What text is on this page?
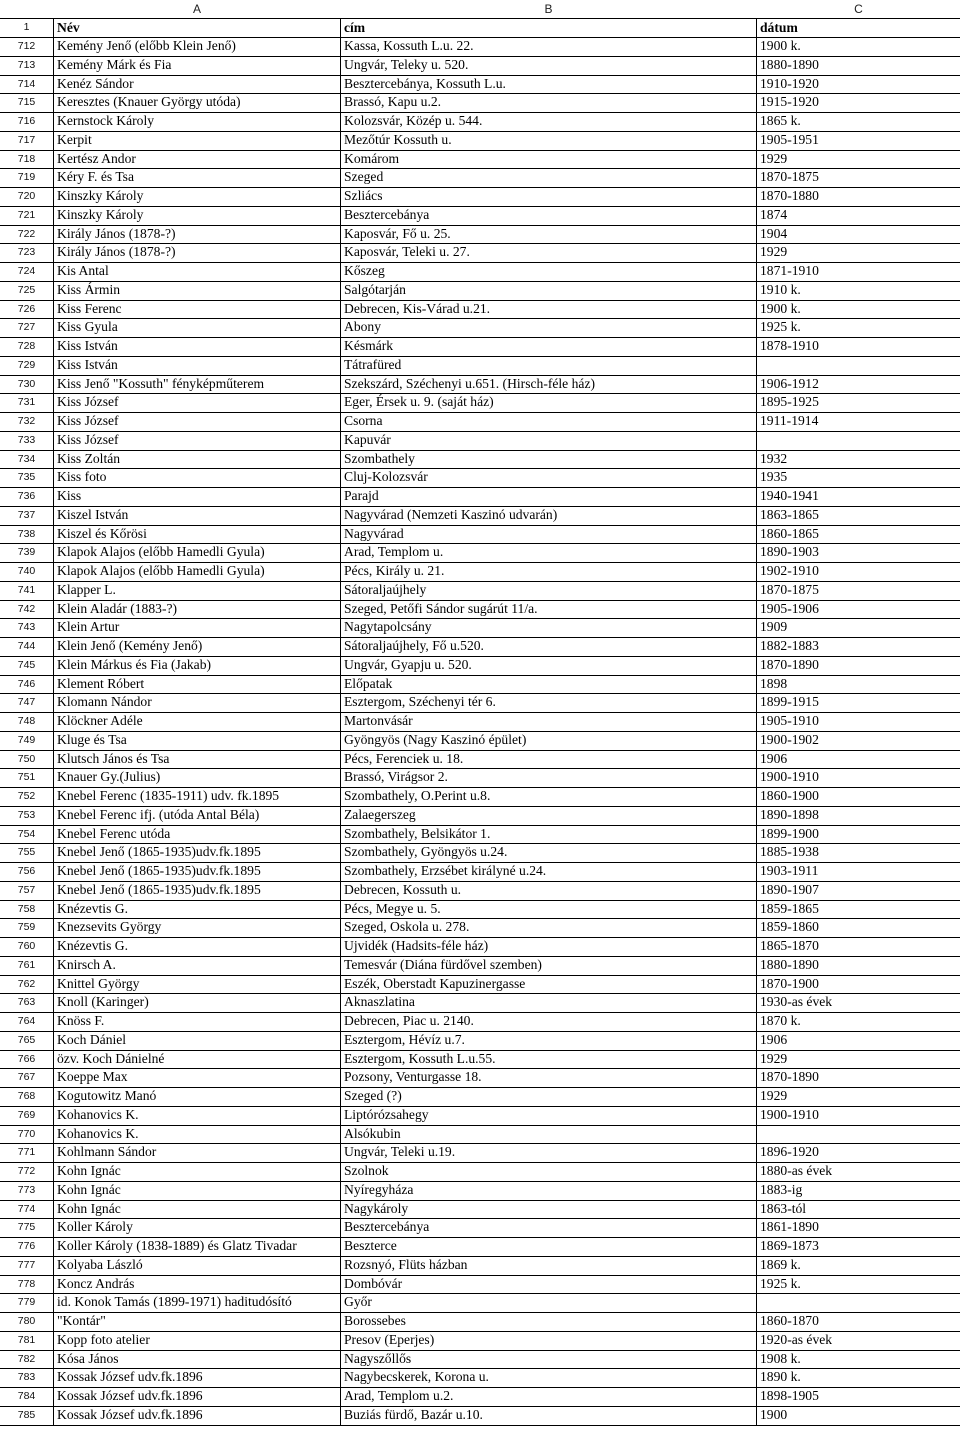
A	B	C
1	Név	cím	dátum
712	Kemény Jenő (előbb Klein Jenő)	Kassa, Kossuth L.u. 22.	1900 k.
713	Kemény Márk és Fia	Ungvár, Teleky u. 520.	1880-1890
714	Kenéz Sándor	Besztercebánya, Kossuth L.u.	1910-1920
715	Keresztes (Knauer György utóda)	Brassó, Kapu u.2.	1915-1920
716	Kernstock Károly	Kolozsvár, Közép u. 544.	1865 k.
717	Kerpit	Mezőtúr Kossuth u.	1905-1951
718	Kertész Andor	Komárom	1929
719	Kéry F. és Tsa	Szeged	1870-1875
720	Kinszky Károly	Szliács	1870-1880
721	Kinszky Károly	Besztercebánya	1874
722	Király János (1878-?)	Kaposvár, Fő u. 25.	1904
723	Király János (1878-?)	Kaposvár, Teleki u. 27.	1929
724	Kis Antal	Kőszeg	1871-1910
725	Kiss Ármin	Salgótarján	1910 k.
726	Kiss Ferenc	Debrecen, Kis-Várad u.21.	1900 k.
727	Kiss Gyula	Abony	1925 k.
728	Kiss István	Késmárk	1878-1910
729	Kiss István	Tátrafüred
730	Kiss Jenő "Kossuth" fényképműterem	Szekszárd, Széchenyi u.651. (Hirsch-féle ház)	1906-1912
731	Kiss József	Eger, Érsek u. 9. (saját ház)	1895-1925
732	Kiss József	Csorna	1911-1914
733	Kiss József	Kapuvár
734	Kiss Zoltán	Szombathely	1932
735	Kiss foto	Cluj-Kolozsvár	1935
736	Kiss	Parajd	1940-1941
737	Kiszel István	Nagyvárad (Nemzeti Kaszinó udvarán)	1863-1865
738	Kiszel és Kőrösi	Nagyvárad	1860-1865
739	Klapok Alajos (előbb Hamedli Gyula)	Arad, Templom u.	1890-1903
740	Klapok Alajos (előbb Hamedli Gyula)	Pécs, Király u. 21.	1902-1910
741	Klapper L.	Sátoraljaújhely	1870-1875
742	Klein Aladár (1883-?)	Szeged, Petőfi Sándor sugárút 11/a.	1905-1906
743	Klein Artur	Nagytapolcsány	1909
744	Klein Jenő (Kemény Jenő)	Sátoraljaújhely, Fő u.520.	1882-1883
745	Klein Márkus és Fia (Jakab)	Ungvár, Gyapju u. 520.	1870-1890
746	Klement Róbert	Előpatak	1898
747	Klomann Nándor	Esztergom, Széchenyi tér 6.	1899-1915
748	Klöckner Adéle	Martonvásár	1905-1910
749	Kluge és Tsa	Gyöngyös (Nagy Kaszinó épület)	1900-1902
750	Klutsch János és Tsa	Pécs, Ferenciek u. 18.	1906
751	Knauer Gy.(Julius)	Brassó, Virágsor 2.	1900-1910
752	Knebel Ferenc (1835-1911) udv. fk.1895	Szombathely, O.Perint u.8.	1860-1900
753	Knebel Ferenc ifj. (utóda Antal Béla)	Zalaegerszeg	1890-1898
754	Knebel Ferenc utóda	Szombathely, Belsikátor 1.	1899-1900
755	Knebel Jenő (1865-1935)udv.fk.1895	Szombathely, Gyöngyös u.24.	1885-1938
756	Knebel Jenő (1865-1935)udv.fk.1895	Szombathely, Erzsébet királyné u.24.	1903-1911
757	Knebel Jenő (1865-1935)udv.fk.1895	Debrecen, Kossuth u.	1890-1907
758	Knézevtis G.	Pécs, Megye u. 5.	1859-1865
759	Knezsevits György	Szeged, Oskola u. 278.	1859-1860
760	Knézevtis G.	Ujvidék (Hadsits-féle ház)	1865-1870
761	Knirsch A.	Temesvár (Diána fürdővel szemben)	1880-1890
762	Knittel György	Eszék, Oberstadt Kapuzinergasse	1870-1900
763	Knoll (Karinger)	Aknaszlatina	1930-as évek
764	Knöss F.	Debrecen, Piac u. 2140.	1870 k.
765	Koch Dániel	Esztergom, Hévíz u.7.	1906
766	özv. Koch Dánielné	Esztergom, Kossuth L.u.55.	1929
767	Koeppe Max	Pozsony, Venturgasse 18.	1870-1890
768	Kogutowitz Manó	Szeged (?)	1929
769	Kohanovics K.	Liptórózsahegy	1900-1910
770	Kohanovics K.	Alsókubin
771	Kohlmann Sándor	Ungvár, Teleki u.19.	1896-1920
772	Kohn Ignác	Szolnok	1880-as évek
773	Kohn Ignác	Nyíregyháza	1883-ig
774	Kohn Ignác	Nagykároly	1863-tól
775	Koller Károly	Besztercebánya	1861-1890
776	Koller Károly (1838-1889) és Glatz Tivadar	Beszterce	1869-1873
777	Kolyaba László	Rozsnyó, Flüts házban	1869 k.
778	Koncz András	Dombóvár	1925 k.
779	id. Konok Tamás (1899-1971) haditudósító	Győr
780	"Kontár"	Borossebes	1860-1870
781	Kopp foto atelier	Presov (Eperjes)	1920-as évek
782	Kósa János	Nagyszőllős	1908 k.
783	Kossak József udv.fk.1896	Nagybecskerek, Korona u.	1890 k.
784	Kossak József udv.fk.1896	Arad, Templom u.2.	1898-1905
785	Kossak József udv.fk.1896	Buziás fürdő, Bazár u.10.	1900
